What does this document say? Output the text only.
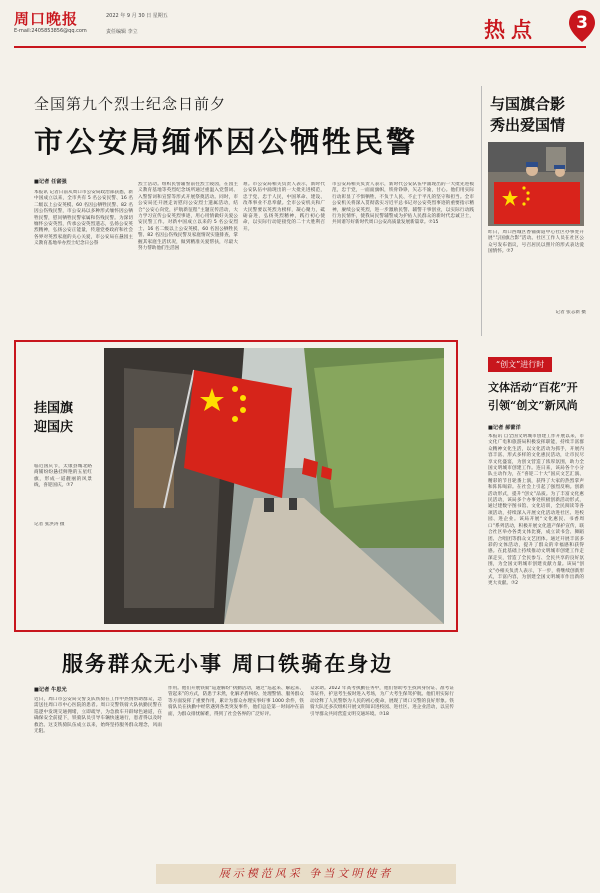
周口晚报	2022 年 9 月 30 日 星期五
E-mail:2405853856@qq.com	责任编辑 李立	热点	3
全国第九个烈士纪念日前夕
市公安局缅怀因公牺牲民警
■记者 任富强
本报讯 记者日前从周口市公安局政治部获悉，新中国成立以来，全市共有 5 名公安民警、16 名二级以上公安英模、60 名因公牺牲民警、82 名因公伤残民警，市公安局以多种形式缅怀因公牺牲民警，慰问牺牲民警家属和伤残民警。为深切缅怀公安英烈，传承公安英烈遗志，弘扬公安英烈精神，弘扬公安正能量，传递党委政府和社会各界对英烈家庭的关心关爱，市公安局在悬园主义教育基地举办烈士纪念日公祭
烈士活动。组织民警辅警前往烈士陵园，在园主义教育基地等英烈纪念场所通过重温入党誓词、入警誓词和宣誓等形式开展祭奠活动。同时，市公安局还开展走访慰问公安烈士遗属活动，结合“公安心向党，护航新征程”主题宣传活动，大力学习宣传公安英烈事迹，用心用情做好关爱公安民警工作。对新中国成立以来的 5 名公安烈士、16 名二级以上公安英模、60 名因公牺牲民警、82 名因公伤残民警及家庭情况实施排查，掌握其家庭生活状况，做到精准关爱帮扶，尽最大努力帮助他们生活困
难。市公安局相关负责人表示，新时代公安队伍中涌现出的一大批先进模范，忠于党、忠于人民，中国革命、建设、改革事业不息奉献。全市公安机关和广大民警要以英烈为榜样，凝心聚力，砥砺奋进，弘扬英烈精神，践行初心使命，以实际行动迎接党的二十大胜利召开。
市公安局相关负责人表示，新时代公安队伍中涌现出的一大批先进模范，忠于党，一面面旗帜，铁骨铮铮，矢志不渝，甘心。他们用实际行动彰显了不惧牺牲、不负于人民、不止于平凡的坚守和担当。全市公安机关将深入贯彻落实习近平总书记对公安英烈事迹的重要指示精神，赓续公安英烈，进一步激励民警、辅警干事创业，以实际行动践行为民情怀，使我局民警辅警成为护佑人民群众的新时代忠诚卫士，共同谱写好新时代周口公安高质量发展新篇章。⑦15
与国旗合影
秀出爱国情
昨日，周口西城区香铺街道中心社区办事处开展“与国旗合影”活动。社区工作人员在社区公众号发布倡议，号召居民以照片的形式表达爱国情怀。⑦7
记者 张志新 摄
挂国旗
迎国庆
临近国庆节，太康县城北路商铺纷纷悬挂鲜艳的五星红旗，形成一道靓丽的风景线，喜迎国庆。⑦7
记者 张洪涛 摄
“创文”进行时
文体活动“百花”开
引领“创文”新风尚
■记者 郝蕾洋
本报讯 自全国文明城市创建工作开展以来，市文化广电和旅游局积极发挥职能，持续丰富群众精神文化生活，以文化活动为抓手，开展内容丰富、形式多样的文化惠民活动，让市民尽享文化盛宴，为创文营造了浓厚氛围，助力全国文明城市创建工作。连日来，该局各个小分队主动作为，在“喜迎二十大”国庆文艺汇演、精彩的节目轮番上演，获得了大家的热烈掌声和阵阵喝彩。在社会上引起了强烈反响。创新活动形式，提升“创文”品质。为了丰富文化惠民活动，该局多个办事处积极创新活动形式，通过建数字图书馆、文化培训，全民阅读等各项活动，持续深入开展文化活动进社区、进校园、进企业。该局开展“文化惠民、书香周口”系列活动，积极开展文化遗产保护宣传，联合社区举办各类文体比赛，成立读书会、舞蹈团、合唱团等群众文艺团体。通过开展丰富多彩的文体活动，提升了群众的幸福感和获得感。在此基础上持续推动文明城市创建工作走深走实，营造了全民参与、全民共享的良好氛围，为全国文明城市创建贡献力量。该局“创文”办相关负责人表示，下一步，将继续创新形式，丰富内容，为创建全国文明城市作出新的更大贡献。⑦2
服务群众无小事 周口铁骑在身边
■记者 牛思光
近日，周口市公安局交警支队铁骑在工作中热情帮助群众，急需送往周口市中心医院的患者。周口交警铁骑大队执勤民警在巡逻中发现交通拥堵，立即疏导，为急救车开辟绿色通道，在确保安全前提下，铁骑队员引导车辆快速通行，患者得以及时救治。这支铁骑队伍成立以来，始终坚持服务群众理念，风雨无阻。
作用。他们开展铁骑“巡逻解纷”执勤活动，通过“巡起来、解起来、管起来”的方式，防患于未然，化解矛盾纠纷、处理警情、服务群众等方面发挥了重要作用，累计为群众办理实事好事 1000 余件，铁骑队员在执勤中经常遇到各类突发事件，他们总是第一时间冲在前面，为群众排忧解难，得到了社会各界的广泛好评。
众求助。2022 年高考执勤任务中，他们帮助考生找回身份证、准考证等证件，护送考生按时进入考场，为广大考生保驾护航。他们用实际行动诠释了人民警察为人民的初心使命，展现了周口交警的良好形象。铁骑大队还多次组织开展文明知识进校园、进社区、进企业活动，以宣传引导群众共同营造文明交通环境。⑦18
展示模范风采 争当文明使者
